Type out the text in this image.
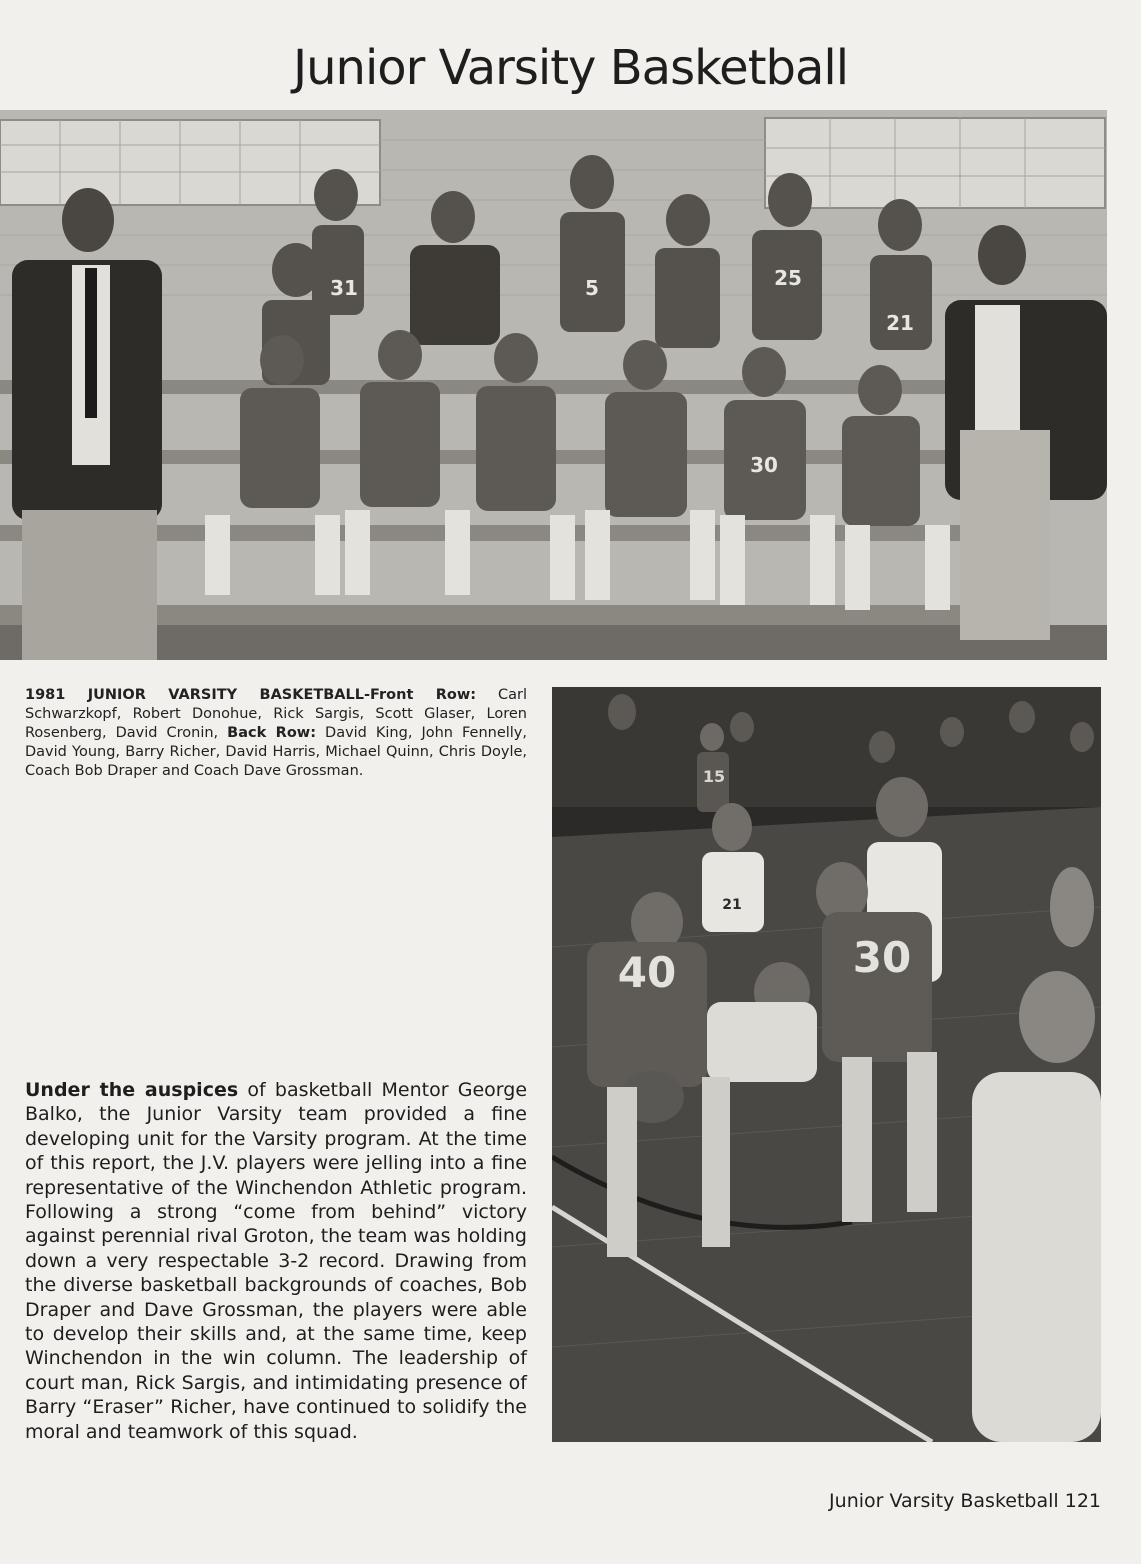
Junior Varsity Basketball
31	5	25
21
30

1981 JUNIOR VARSITY BASKETBALL-Front Row: Carl Schwarzkopf, Robert Donohue, Rick Sargis, Scott Glaser, Loren Rosenberg, David Cronin, Back Row: David King, John Fennelly, David Young, Barry Richer, David Harris, Michael Quinn, Chris Doyle, Coach Bob Draper and Coach Dave Grossman.

40	30
21
15

Under the auspices of basketball Mentor George Balko, the Junior Varsity team provided a fine developing unit for the Varsity program. At the time of this report, the J.V. players were jelling into a fine representative of the Winchendon Athletic program. Following a strong “come from behind” victory against perennial rival Groton, the team was holding down a very respectable 3-2 record. Drawing from the diverse basketball backgrounds of coaches, Bob Draper and Dave Grossman, the players were able to develop their skills and, at the same time, keep Winchendon in the win column. The leadership of court man, Rick Sargis, and intimidating presence of Barry “Eraser” Richer, have continued to solidify the moral and teamwork of this squad.

Junior Varsity Basketball 121
